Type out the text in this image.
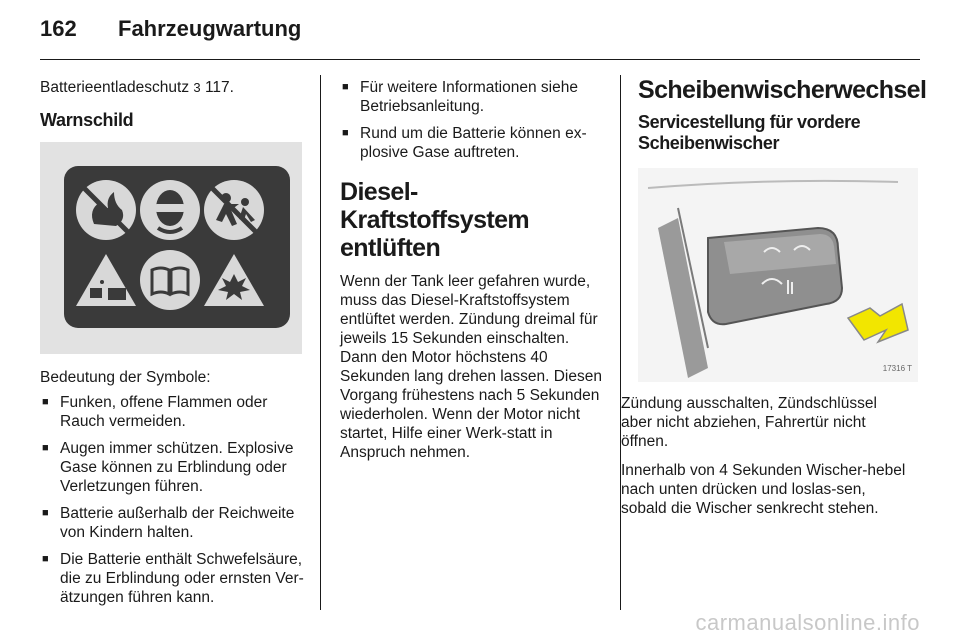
162	Fahrzeugwartung

Batterieentladeschutz 3 117.

Warnschild

Bedeutung der Symbole:

■ Funken, offene Flammen oder Rauch vermeiden.
■ Augen immer schützen. Explosive Gase können zu Erblindung oder Verletzungen führen.
■ Batterie außerhalb der Reichweite von Kindern halten.
■ Die Batterie enthält Schwefelsäure, die zu Erblindung oder ernsten Ver-ätzungen führen kann.
■ Für weitere Informationen siehe Betriebsanleitung.
■ Rund um die Batterie können ex-plosive Gase auftreten.
Diesel-Kraftstoffsystem entlüften

Wenn der Tank leer gefahren wurde, muss das Diesel-Kraftstoffsystem entlüftet werden. Zündung dreimal für jeweils 15 Sekunden einschalten. Dann den Motor höchstens 40 Sekunden lang drehen lassen. Diesen Vorgang frühestens nach 5 Sekunden wiederholen. Wenn der Motor nicht startet, Hilfe einer Werk-statt in Anspruch nehmen.

Scheibenwischerwechsel
Servicestellung für vordere Scheibenwischer
17316 T

Zündung ausschalten, Zündschlüssel aber nicht abziehen, Fahrertür nicht öffnen.

Innerhalb von 4 Sekunden Wischer-hebel nach unten drücken und loslas-sen, sobald die Wischer senkrecht stehen.

carmanualsonline.info
